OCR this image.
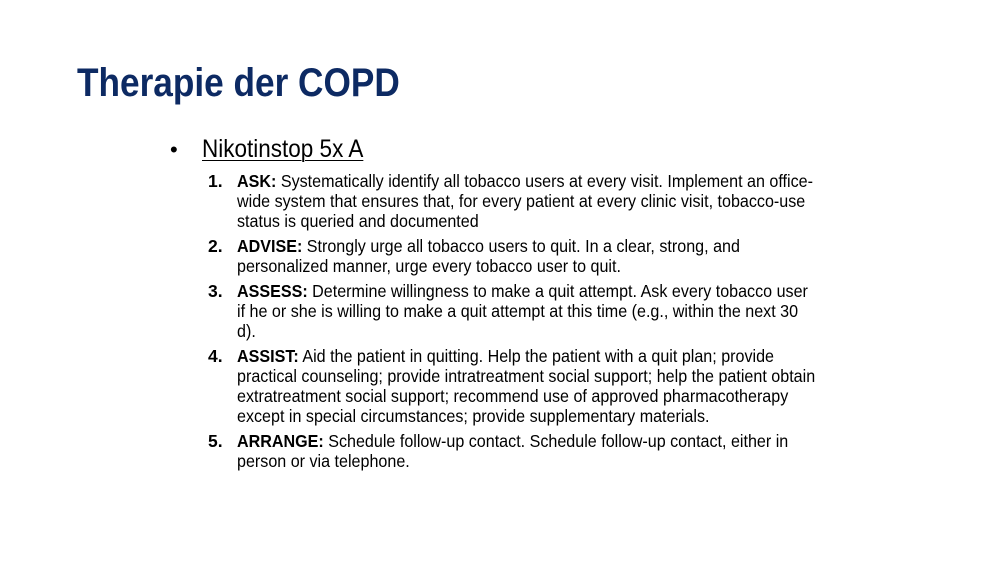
Therapie der COPD
• Nikotinstop 5x A
1. ASK: Systematically identify all tobacco users at every visit. Implement an office-wide system that ensures that, for every patient at every clinic visit, tobacco-use status is queried and documented
2. ADVISE: Strongly urge all tobacco users to quit. In a clear, strong, and personalized manner, urge every tobacco user to quit.
3. ASSESS: Determine willingness to make a quit attempt. Ask every tobacco user if he or she is willing to make a quit attempt at this time (e.g., within the next 30 d).
4. ASSIST: Aid the patient in quitting. Help the patient with a quit plan; provide practical counseling; provide intratreatment social support; help the patient obtain extratreatment social support; recommend use of approved pharmacotherapy except in special circumstances; provide supplementary materials.
5. ARRANGE: Schedule follow-up contact. Schedule follow-up contact, either in person or via telephone.
